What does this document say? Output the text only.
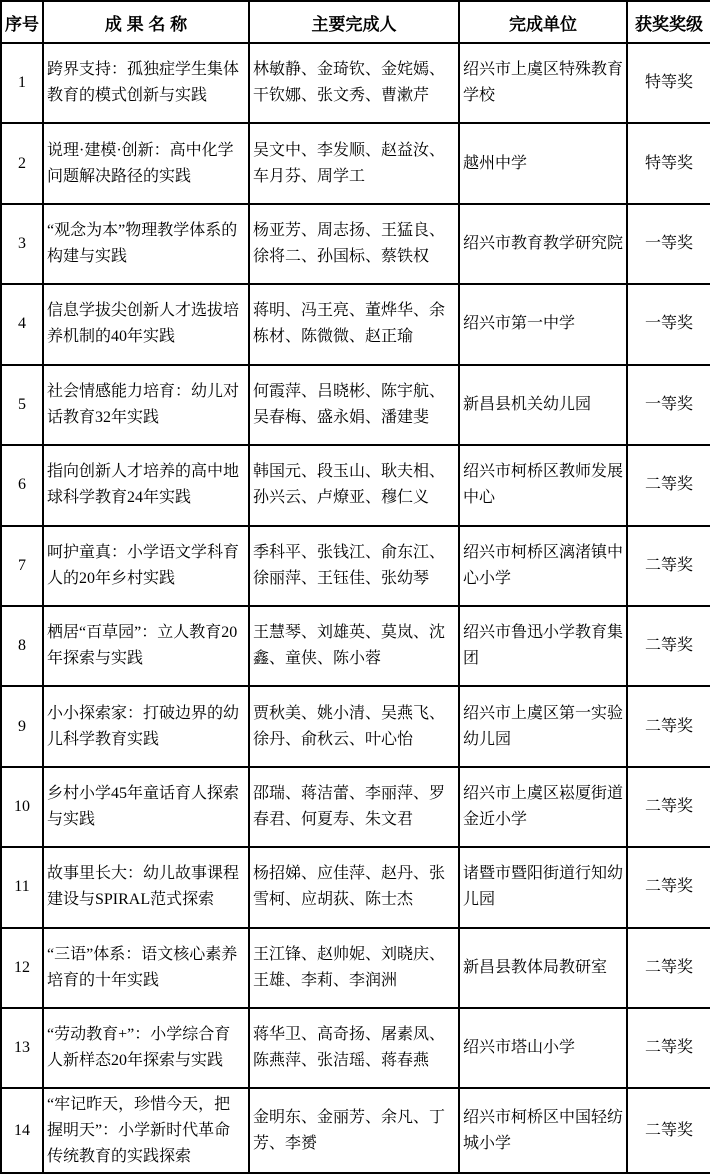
序号	成 果 名 称	主要完成人	完成单位	获奖奖级
1	跨界支持：孤独症学生集体教育的模式创新与实践	林敏静、金琦钦、金姹嫣、干钦娜、张文秀、曹漱芹	绍兴市上虞区特殊教育学校	特等奖
2	说理·建模·创新：高中化学问题解决路径的实践	吴文中、李发顺、赵益汝、车月芬、周学工	越州中学	特等奖
3	“观念为本”物理教学体系的构建与实践	杨亚芳、周志扬、王猛良、徐将二、孙国标、蔡铁权	绍兴市教育教学研究院	一等奖
4	信息学拔尖创新人才选拔培养机制的40年实践	蒋明、冯王亮、董烨华、余栋材、陈微微、赵正瑜	绍兴市第一中学	一等奖
5	社会情感能力培育：幼儿对话教育32年实践	何霞萍、吕晓彬、陈宇航、吴春梅、盛永娟、潘建斐	新昌县机关幼儿园	一等奖
6	指向创新人才培养的高中地球科学教育24年实践	韩国元、段玉山、耿夫相、孙兴云、卢燎亚、穆仁义	绍兴市柯桥区教师发展中心	二等奖
7	呵护童真：小学语文学科育人的20年乡村实践	季科平、张钱江、俞东江、徐丽萍、王钰佳、张幼琴	绍兴市柯桥区漓渚镇中心小学	二等奖
8	栖居“百草园”：立人教育20年探索与实践	王慧琴、刘雄英、莫岚、沈鑫、童侠、陈小蓉	绍兴市鲁迅小学教育集团	二等奖
9	小小探索家：打破边界的幼儿科学教育实践	贾秋美、姚小清、吴燕飞、徐丹、俞秋云、叶心怡	绍兴市上虞区第一实验幼儿园	二等奖
10	乡村小学45年童话育人探索与实践	邵瑞、蒋洁蕾、李丽萍、罗春君、何夏寿、朱文君	绍兴市上虞区崧厦街道金近小学	二等奖
11	故事里长大：幼儿故事课程建设与SPIRAL范式探索	杨招娣、应佳萍、赵丹、张雪柯、应胡荻、陈士杰	诸暨市暨阳街道行知幼儿园	二等奖
12	“三语”体系：语文核心素养培育的十年实践	王江锋、赵帅妮、刘晓庆、王雄、李莉、李润洲	新昌县教体局教研室	二等奖
13	“劳动教育+”：小学综合育人新样态20年探索与实践	蒋华卫、高奇扬、屠素凤、陈燕萍、张洁瑶、蒋春燕	绍兴市塔山小学	二等奖
14	“牢记昨天，珍惜今天，把握明天”：小学新时代革命传统教育的实践探索	金明东、金丽芳、余凡、丁芳、李赟	绍兴市柯桥区中国轻纺城小学	二等奖
